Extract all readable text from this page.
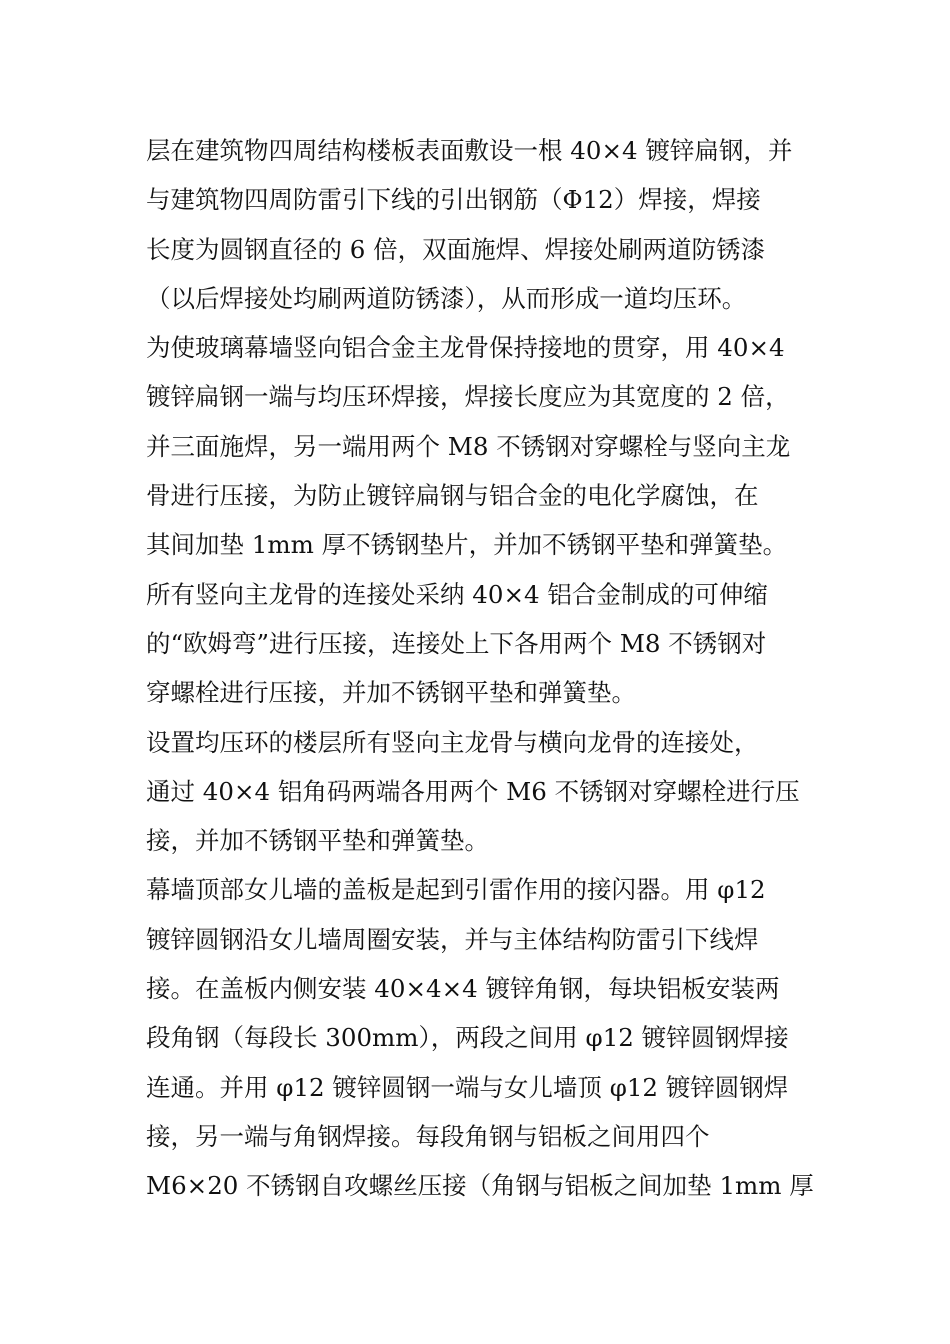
层在建筑物四周结构楼板表面敷设一根 40×4 镀锌扁钢，并
与建筑物四周防雷引下线的引出钢筋（Φ12）焊接，焊接
长度为圆钢直径的 6 倍，双面施焊、焊接处刷两道防锈漆
（以后焊接处均刷两道防锈漆），从而形成一道均压环。
为使玻璃幕墙竖向铝合金主龙骨保持接地的贯穿，用 40×4
镀锌扁钢一端与均压环焊接，焊接长度应为其宽度的 2 倍，
并三面施焊，另一端用两个 M8 不锈钢对穿螺栓与竖向主龙
骨进行压接，为防止镀锌扁钢与铝合金的电化学腐蚀，在
其间加垫 1mm 厚不锈钢垫片，并加不锈钢平垫和弹簧垫。
所有竖向主龙骨的连接处采纳 40×4 铝合金制成的可伸缩
的“欧姆弯”进行压接，连接处上下各用两个 M8 不锈钢对
穿螺栓进行压接，并加不锈钢平垫和弹簧垫。
设置均压环的楼层所有竖向主龙骨与横向龙骨的连接处，
通过 40×4 铝角码两端各用两个 M6 不锈钢对穿螺栓进行压
接，并加不锈钢平垫和弹簧垫。
幕墙顶部女儿墙的盖板是起到引雷作用的接闪器。用 φ12
镀锌圆钢沿女儿墙周圈安装，并与主体结构防雷引下线焊
接。在盖板内侧安装 40×4×4 镀锌角钢，每块铝板安装两
段角钢（每段长 300mm），两段之间用 φ12 镀锌圆钢焊接
连通。并用 φ12 镀锌圆钢一端与女儿墙顶 φ12 镀锌圆钢焊
接，另一端与角钢焊接。每段角钢与铝板之间用四个
M6×20 不锈钢自攻螺丝压接（角钢与铝板之间加垫 1mm 厚
